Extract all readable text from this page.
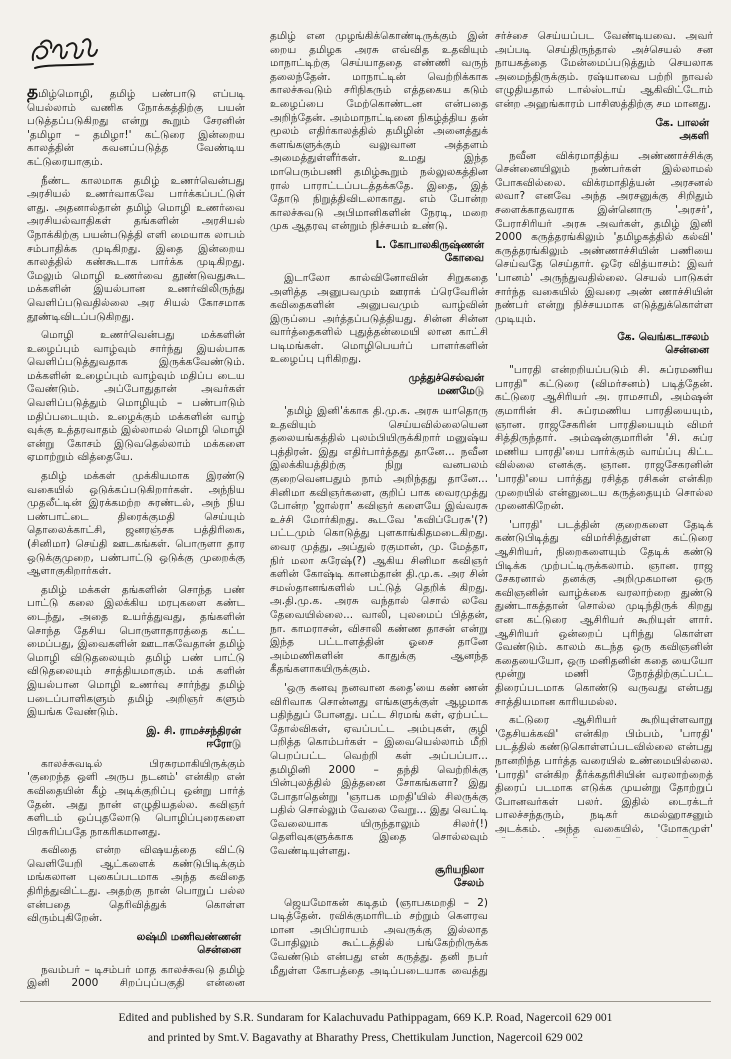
தமிழ்மொழி, தமிழ் பண்பாடு எப்படி யெல்லாம் வணிக நோக்கத்திற்கு பயன் படுத்தப்படுகிறது என்று கூறும் சேரனின் 'தமிழா – தமிழா!' கட்டுரை இன்றைய காலத்தின் கவனப்படுத்த வேண்டிய கட்டுரையாகும்.

நீண்ட காலமாக தமிழ் உணர்வென்பது அரசியல் உணர்வாகவே பார்க்கப்பட்டுள் ளது. அதனால்தான் தமிழ் மொழி உணர்வை அரசியல்வாதிகள் தங்களின் அரசியல் நோக்கிற்கு பயன்படுத்தி எளி மையாக லாபம் சம்பாதிக்க முடிகிறது. இதை இன்றைய காலத்தில் கண்கூடாக பார்க்க முடிகிறது. மேலும் மொழி உணர்வை தூண்டுவதுகூட மக்களின் இயல்பான உணர்விலிருந்து வெளிப்படுவதில்லை அர சியல் கோசமாக தூண்டிவிடப்படுகிறது.

மொழி உணர்வென்பது மக்களின் உழைப்பும் வாழ்வும் சார்ந்து இயல்பாக வெளிப்படுத்துவதாக இருக்கவேண்டும். மக்களின் உழைப்பும் வாழ்வும் மதிப்ப டைய வேண்டும். அப்போதுதான் அவர்கள் வெளிப்படுத்தும் மொழியும் – பண்பாடும் மதிப்படையும். உழைக்கும் மக்களின் வாழ் வுக்கு உத்தரவாதம் இல்லாமல் மொழி மொழி என்று கோசம் இடுவதெல்லாம் மக்களை ஏமாற்றும் வித்தையே.

தமிழ் மக்கள் முக்கியமாக இரண்டு வகையில் ஒடுக்கப்படுகிறார்கள். அந்நிய முதலீட்டின் இரக்கமற்ற சுரண்டல், அந் நிய பண்பாட்டை திரைக்குமதி செய்யும் தொலைக்காட்சி, ஜனரஞ்சக பத்திரிகை, (சினிமா) செய்தி ஊடகங்கள். பொருளா தார ஒடுக்குமுறை, பண்பாட்டு ஒடுக்கு முறைக்கு ஆளாகுகிறார்கள்.

தமிழ் மக்கள் தங்களின் சொந்த பண் பாட்டு கலை இலக்கிய மரபுகளை கண்ட டைந்து, அதை உயர்த்துவது, தங்களின் சொந்த தேசிய பொருளாதாரத்தை கட்ட மைப்பது, இவைகளின் ஊடாகவேதான் தமிழ் மொழி விடுதலையும் தமிழ் பண் பாட்டு விடுதலையும் சாத்தியமாகும். மக் களின் இயல்பான மொழி உணர்வு சார்ந்து தமிழ் படைப்பாளிகளும் தமிழ் அறிஞர் களும் இயங்க வேண்டும்.

இ. சி. ராமச்சந்திரன்
ஈரோடு

காலச்சுவடில் பிரசுரமாகியிருக்கும் 'குறைந்த ஒளி அருப நடனம்' என்கிற என் கவிதையின் கீழ் அடிக்குறிப்பு ஒன்று பார்த் தேன். அது நான் எழுதியதல்ல. கவிஞர் களிடம் ஒப்புதலோடு பொழிப்புரைகளை பிரசுரிப்பதே நாகரிகமானது.

கவிதை என்ற விஷயத்தை விட்டு வெளியேறி ஆட்களைக் கண்டுபிடிக்கும் மங்கலான புகைப்படமாக அந்த கவிதை திரிந்துவிட்டது. அதற்கு நான் பொறுப் பல்ல என்பதை தெரிவித்துக் கொள்ள விரும்புகிறேன்.

லஷ்மி மணிவண்ணன்
சென்னை

நவம்பர் – டிசம்பர் மாத காலச்சுவடு தமிழ் இனி 2000 சிறப்புப்பகுதி என்னை

தமிழ் என முழங்கிக்கொண்டிருக்கும் இன் றைய தமிழக அரசு எவ்வித உதவியும் மாநாட்டிற்கு செய்யாததை எண்ணி வருந் தலைந்தேன். மாநாட்டின் வெற்றிக்காக காலச்சுவடும் சரிநிகரும் எத்தகைய கடும் உழைப்பை மேற்கொண்டன என்பதை அறிந்தேன். அம்மாநாட்டினை நிகழ்த்திய தன் மூலம் எதிர்காலத்தில் தமிழின் அனைத்துக் களங்களுக்கும் வலுவான அத்தளம் அமைத்துள்ளீர்கள். உமது இந்த மாபெரும்பணி தமிழ்கூறும் நல்லுலகத்தின ரால் பாராட்டப்படத்தக்கதே. இதை, இத் தோடு நிறுத்திவிடலாகாது. எம் போன்ற காலச்சுவடு அபிமானிகளின் நேரடி, மறை முக ஆதரவு என்றும் நிச்சயம் உண்டு.

L. கோபாலகிருஷ்ணன்
கோவை

இடாலோ கால்வினோவின் சிறுகதை அளித்த அனுபவமும் ஊராக் ப்ரெவேரின் கவிதைகளின் அனுபவமும் வாழ்வின் இருப்பை அர்த்தப்படுத்தியது. சின்ன சின்ன வார்த்தைகளில் புதுத்தன்மையி லான காட்சி படிமங்கள். மொழிபெயர்ப் பாளர்களின் உழைப்பு புரிகிறது.

முத்துச்செல்வன்
மணமேடு

'தமிழ் இனி'க்காக தி.மு.க. அரசு யாதொரு உதவியும் செய்யவில்லையென தலையங்கத்தில் புலம்பியிருக்கிறார் மனுஷ்ய புத்திரன். இது எதிர்பார்த்தது தானே... நவீன இலக்கியத்திற்கு நிறு வனபலம் குறைவெனபதும் நாம் அறிந்தது தானே... சினிமா கவிஞர்களை, குறிப் பாக வைரமுத்து போன்ற 'ஜால்ரா' கவிஞர் களையே இவ்வரசு உச்சி மோர்கிறது. கூடவே 'கவிப்பேரசு'(?) பட்டமும் கொடுத்து புளகாங்கிதமடைகிறது. வைர முத்து, அப்துல் ரகுமான், மு. மேத்தா, நிர் மலா சுரேஷ்(?) ஆகிய சினிமா கவிஞர் களின் கோஷ்டி கானம்தான் தி.மு.க. அர சின் சமஸ்தானங்களில் பட்டுத் தெறிக் கிறது. அ.தி.மு.க. அரசு வந்தால் சொல் லவே தேவையில்லை... வாலி, புலமைப் பித்தன், நா. காமராசன், விசாலி கண்ண தாசன் என்று இந்த பட்டாளத்தின் ஓசை தானே அம்மணிகளின் காதுக்கு ஆனந்த கீதங்களாகயிருக்கும்.

'ஒரு கனவு நனவான கதை'யை கண் ணன் விரிவாக சொன்னது எங்களுக்குள் ஆழமாக பதிந்துப் போனது. பட்ட சிரமங் கள், ஏற்பட்ட தோல்விகள், ஏவப்பட்ட அம்புகள், குழி பறித்த கொம்பர்கள் – இவையெல்லாம் மீறி பெறப்பட்ட வெற்றி கள் அப்பப்பா... தமிழினி 2000 – தந்தி வெற்றிக்கு பின்புலத்தில் இத்தனை சோகங்களா? இது போதாதென்று 'ஞாபக மறதி'யில் சிலருக்கு பதில் சொல்லும் வேலை வேறு... இது வெட்டி வேலையாக யிருந்தாலும் சிலர்(!) தெளிவுகளுக்காக இதை சொல்லவும் வேண்டியுள்ளது.

சூரியநிலா
சேலம்

ஜெயமோகன் கடிதம் (ஞாபகமறதி – 2) படித்தேன். ரவிக்குமாரிடம் சற்றும் கௌரவ மான அபிப்ராயம் அவருக்கு இல்லாத போதிலும் கூட்டத்தில் பங்கேற்றிருக்க வேண்டும் என்பது என் கருத்து. தனி நபர் மீதுள்ள கோபத்தை அடிப்படையாக வைத்து

சர்ச்சை செய்யப்பட வேண்டியவை. அவர் அப்படி செய்திருந்தால் அச்செயல் சன நாயகத்தை மேன்மைப்படுத்தும் செயலாக அமைந்திருக்கும். ரஷ்யாவை பற்றி நாவல் எழுதியதால் டால்ஸ்டாய் ஆகிவிட்டோம் என்ற அஹங்காரம் பாசிஸத்திற்கு சம மானது.

கே. பாலன்
அகளி

நவீன விக்ரமாதித்ய அண்ணாச்சிக்கு சென்னையிலும் நண்பர்கள் இல்லாமல் போகவில்லை. விக்ரமாதித்யன் அரசனல் லவா? எனவே அந்த அரசனுக்கு சிறிதும் சளைக்காதவராக இன்னொரு 'அரசர்', பேராசிரியர் அரசு அவர்கள், தமிழ் இனி 2000 கருத்தரங்கிலும் 'தமிழகத்தில் கல்வி' கருத்தரங்கிலும் அண்ணாச்சியின் பணியை செய்வதே செய்தார். ஒரே வித்யாசம்: இவர் 'பானம்' அருந்துவதில்லை. செயல் பாடுகள் சார்ந்த வகையில் இவரை அண் ணாச்சியின் நண்பர் என்று நிச்சயமாக எடுத்துக்கொள்ள முடியும்.

கே. வெங்கடாசலம்
சென்னை

"பாரதி என்றறியப்படும் சி. சுப்ரமணிய பாரதி" கட்டுரை (விமர்சனம்) படித்தேன். கட்டுரை ஆசிரியர் அ. ராமசாமி, அம்ஷன் குமாரின் சி. சுப்ரமணிய பாரதியையும், ஞான. ராஜசேகரின் பாரதியையும் விமர் சித்திருந்தார். அம்ஷன்குமாரின் 'சி. சுப்ர மணிய பாரதி'யை பார்க்கும் வாய்ப்பு கிட்ட வில்லை எனக்கு. ஞான. ராஜசேகரனின் 'பாரதி'யை பார்த்து ரசித்த ரசிகன் என்கிற முறையில் என்னுடைய கருத்தையும் சொல்ல முனைகிறேன்.

'பாரதி' படத்தின் குறைகளை தேடிக் கண்டுபிடித்து விமர்சித்துள்ள கட்டுரை ஆசிரியர், நிறைகளையும் தேடிக் கண்டு பிடிக்க முற்பட்டிருக்கலாம். ஞான. ராஜ சேகரனால் தனக்கு அறிமுகமான ஒரு கவிஞனின் வாழ்க்கை வரலாற்றை துண்டு துண்டாகத்தான் சொல்ல முடிந்திருக் கிறது என கட்டுரை ஆசிரியர் கூறியுள் ளார். ஆசிரியர் ஒன்றைப் புரிந்து கொள்ள வேண்டும். காலம் கடந்த ஒரு கவிஞனின் கதையையோ, ஒரு மனிதனின் கதை யையோ மூன்று மணி நேரத்திற்குட்பட்ட திரைப்படமாக கொண்டு வருவது என்பது சாத்தியமான காரியமல்ல.

கட்டுரை ஆசிரியர் கூறியுள்ளவாறு 'தேசியக்கவி' என்கிற பிம்பம், 'பாரதி' படத்தில் கண்டுகொள்ளப்படவில்லை என்பது நானறிந்த பார்த்த வரையில் உண்மையில்லை. 'பாரதி' என்கிற தீர்க்கதரிசியின் வரலாற்றைத் திரைப் படமாக எடுக்க முயன்று தோற்றுப் போனவர்கள் பலர். இதில் டைரக்டர் பாலச்சந்தரும், நடிகர் கமல்ஹாசனும் அடக்கம். அந்த வகையில், 'மோகமுள்'

Edited and published by S.R. Sundaram for Kalachuvadu Pathippagam, 669 K.P. Road, Nagercoil 629 001
and printed by Smt.V. Bagavathy at Bharathy Press, Chettikulam Junction, Nagercoil 629 002
